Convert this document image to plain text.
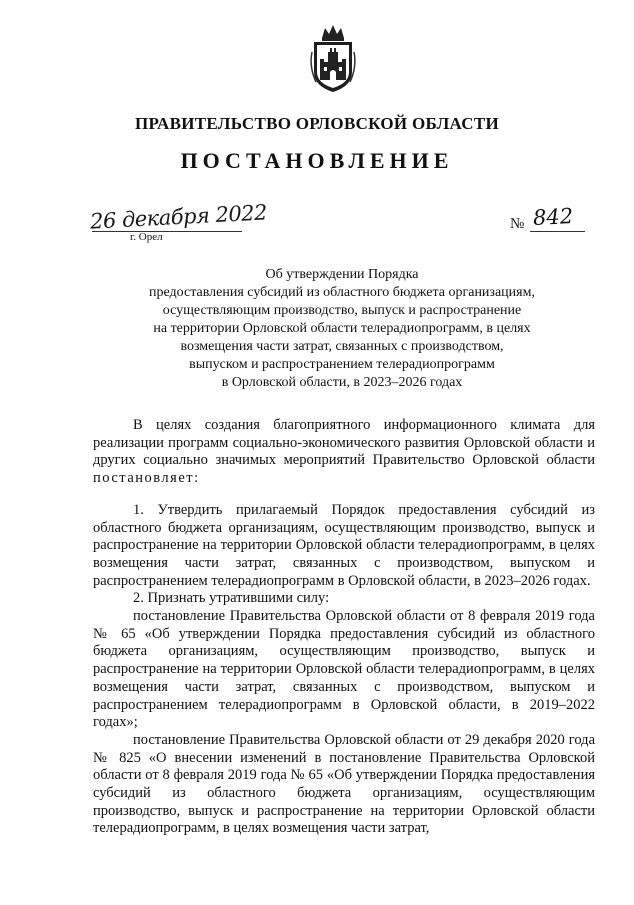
ПРАВИТЕЛЬСТВО ОРЛОВСКОЙ ОБЛАСТИ
ПОСТАНОВЛЕНИЕ
26 декабря 2022
г. Орел
№ 842
Об утверждении Порядка
предоставления субсидий из областного бюджета организациям,
осуществляющим производство, выпуск и распространение
на территории Орловской области телерадиопрограмм, в целях
возмещения части затрат, связанных с производством,
выпуском и распространением телерадиопрограмм
в Орловской области, в 2023–2026 годах

В целях создания благоприятного информационного климата для реализации программ социально-экономического развития Орловской области и других социально значимых мероприятий Правительство Орловской области постановляет:

1. Утвердить прилагаемый Порядок предоставления субсидий из областного бюджета организациям, осуществляющим производство, выпуск и распространение на территории Орловской области телерадиопрограмм, в целях возмещения части затрат, связанных с производством, выпуском и распространением телерадиопрограмм в Орловской области, в 2023–2026 годах.

2. Признать утратившими силу:

постановление Правительства Орловской области от 8 февраля 2019 года № 65 «Об утверждении Порядка предоставления субсидий из областного бюджета организациям, осуществляющим производство, выпуск и распространение на территории Орловской области телерадиопрограмм, в целях возмещения части затрат, связанных с производством, выпуском и распространением телерадиопрограмм в Орловской области, в 2019–2022 годах»;

постановление Правительства Орловской области от 29 декабря 2020 года № 825 «О внесении изменений в постановление Правительства Орловской области от 8 февраля 2019 года № 65 «Об утверждении Порядка предоставления субсидий из областного бюджета организациям, осуществляющим производство, выпуск и распространение на территории Орловской области телерадиопрограмм, в целях возмещения части затрат,
